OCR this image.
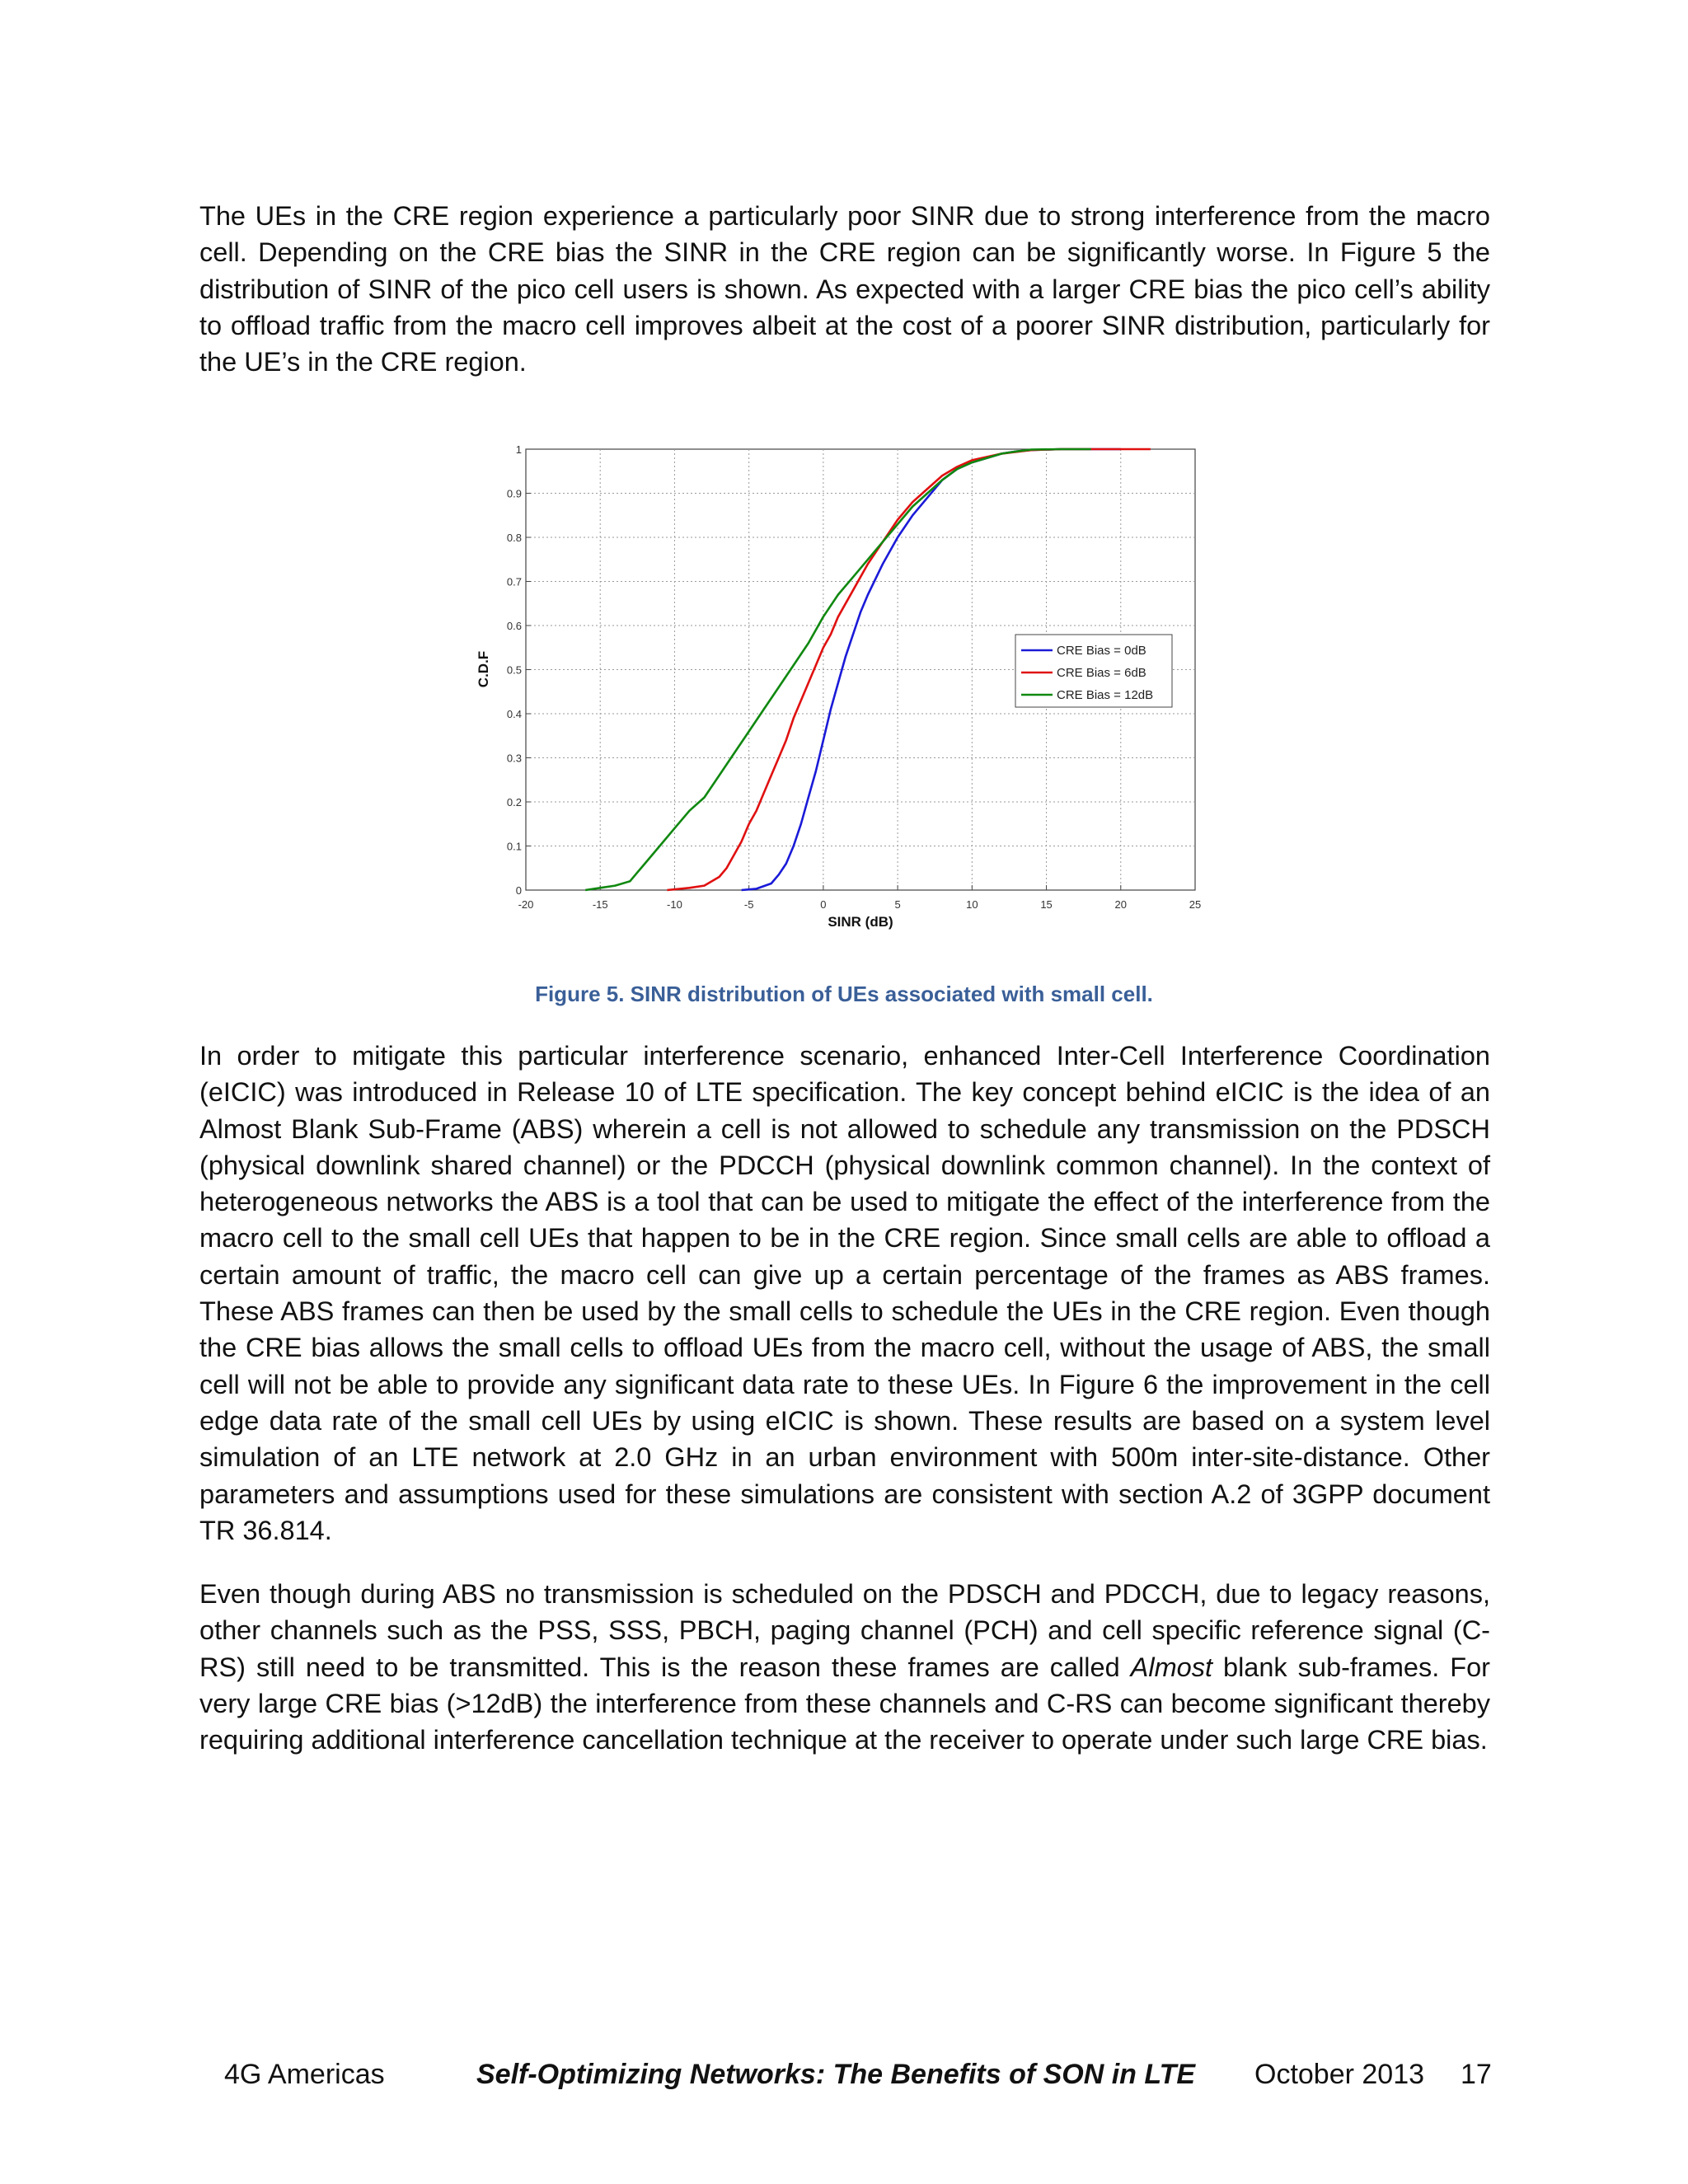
The UEs in the CRE region experience a particularly poor SINR due to strong interference from the macro cell. Depending on the CRE bias the SINR in the CRE region can be significantly worse. In Figure 5 the distribution of SINR of the pico cell users is shown. As expected with a larger CRE bias the pico cell’s ability to offload traffic from the macro cell improves albeit at the cost of a poorer SINR distribution, particularly for the UE’s in the CRE region.

-20	-15	-10	-5	0	5	10	15	20	25
0
0.1
0.2
0.3
0.4
0.5
0.6
0.7
0.8
0.9
1
SINR (dB)
C.D.F
CRE Bias = 0dB
CRE Bias = 6dB
CRE Bias = 12dB
Figure 5. SINR distribution of UEs associated with small cell.

In order to mitigate this particular interference scenario, enhanced Inter-Cell Interference Coordination (eICIC) was introduced in Release 10 of LTE specification. The key concept behind eICIC is the idea of an Almost Blank Sub-Frame (ABS) wherein a cell is not allowed to schedule any transmission on the PDSCH (physical downlink shared channel) or the PDCCH (physical downlink common channel). In the context of heterogeneous networks the ABS is a tool that can be used to mitigate the effect of the interference from the macro cell to the small cell UEs that happen to be in the CRE region. Since small cells are able to offload a certain amount of traffic, the macro cell can give up a certain percentage of the frames as ABS frames. These ABS frames can then be used by the small cells to schedule the UEs in the CRE region. Even though the CRE bias allows the small cells to offload UEs from the macro cell, without the usage of ABS, the small cell will not be able to provide any significant data rate to these UEs. In Figure 6 the improvement in the cell edge data rate of the small cell UEs by using eICIC is shown. These results are based on a system level simulation of an LTE network at 2.0 GHz in an urban environment with 500m inter-site-distance. Other parameters and assumptions used for these simulations are consistent with section A.2 of 3GPP document TR 36.814.

Even though during ABS no transmission is scheduled on the PDSCH and PDCCH, due to legacy reasons, other channels such as the PSS, SSS, PBCH, paging channel (PCH) and cell specific reference signal (C-RS) still need to be transmitted. This is the reason these frames are called Almost blank sub-frames. For very large CRE bias (>12dB) the interference from these channels and C-RS can become significant thereby requiring additional interference cancellation technique at the receiver to operate under such large CRE bias.

4G Americas	Self-Optimizing Networks: The Benefits of SON in LTE October 2013 17
